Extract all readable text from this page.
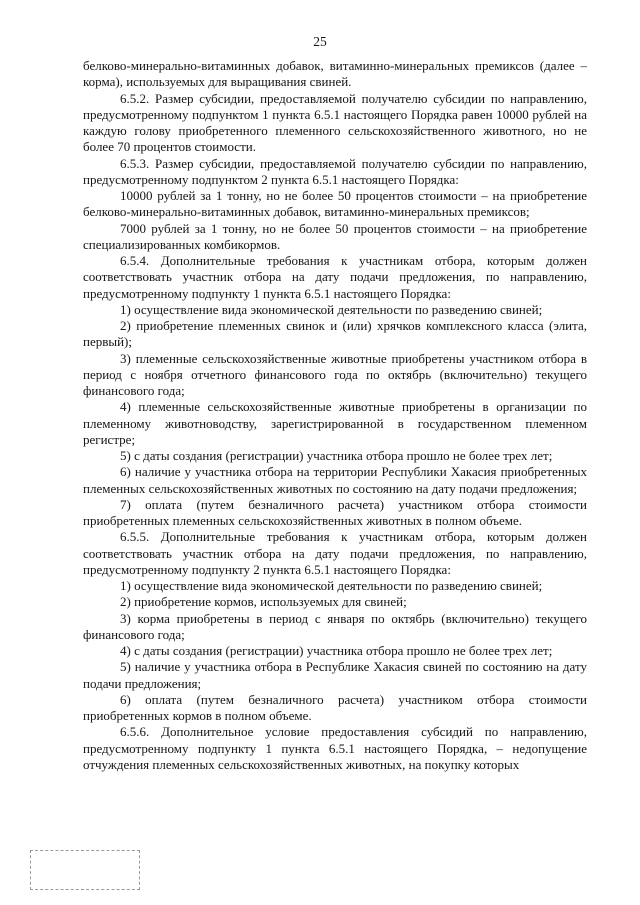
25

белково-минерально-витаминных добавок, витаминно-минеральных премиксов (далее – корма), используемых для выращивания свиней.

6.5.2. Размер субсидии, предоставляемой получателю субсидии по направлению, предусмотренному подпунктом 1 пункта 6.5.1 настоящего Порядка равен 10000 рублей на каждую голову приобретенного племенного сельскохозяйственного животного, но не более 70 процентов стоимости.

6.5.3. Размер субсидии, предоставляемой получателю субсидии по направлению, предусмотренному подпунктом 2 пункта 6.5.1 настоящего Порядка:

10000 рублей за 1 тонну, но не более 50 процентов стоимости – на приобретение белково-минерально-витаминных добавок, витаминно-минеральных премиксов;

7000 рублей за 1 тонну, но не более 50 процентов стоимости – на приобретение специализированных комбикормов.

6.5.4. Дополнительные требования к участникам отбора, которым должен соответствовать участник отбора на дату подачи предложения, по направлению, предусмотренному подпункту 1 пункта 6.5.1 настоящего Порядка:

1) осуществление вида экономической деятельности по разведению свиней;

2) приобретение племенных свинок и (или) хрячков комплексного класса (элита, первый);

3) племенные сельскохозяйственные животные приобретены участником отбора в период с ноября отчетного финансового года по октябрь (включительно) текущего финансового года;

4) племенные сельскохозяйственные животные приобретены в организации по племенному животноводству, зарегистрированной в государственном племенном регистре;

5) с даты создания (регистрации) участника отбора прошло не более трех лет;

6) наличие у участника отбора на территории Республики Хакасия приобретенных племенных сельскохозяйственных животных по состоянию на дату подачи предложения;

7) оплата (путем безналичного расчета) участником отбора стоимости приобретенных племенных сельскохозяйственных животных в полном объеме.

6.5.5. Дополнительные требования к участникам отбора, которым должен соответствовать участник отбора на дату подачи предложения, по направлению, предусмотренному подпункту 2 пункта 6.5.1 настоящего Порядка:

1) осуществление вида экономической деятельности по разведению свиней;

2) приобретение кормов, используемых для свиней;

3) корма приобретены в период с января по октябрь (включительно) текущего финансового года;

4) с даты создания (регистрации) участника отбора прошло не более трех лет;

5) наличие у участника отбора в Республике Хакасия свиней по состоянию на дату подачи предложения;

6) оплата (путем безналичного расчета) участником отбора стоимости приобретенных кормов в полном объеме.

6.5.6. Дополнительное условие предоставления субсидий по направлению, предусмотренному подпункту 1 пункта 6.5.1 настоящего Порядка, – недопущение отчуждения племенных сельскохозяйственных животных, на покупку которых
